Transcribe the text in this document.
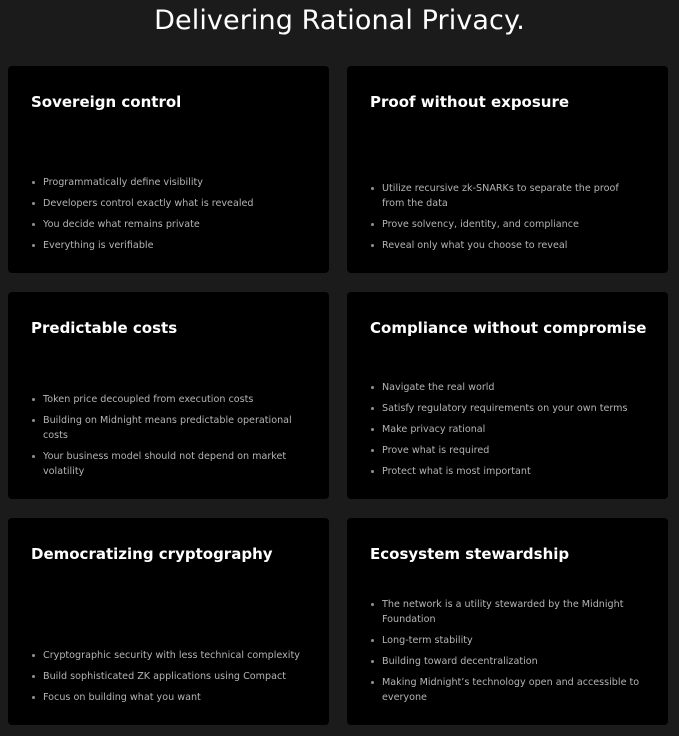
Delivering Rational Privacy.
Sovereign control
Programmatically define visibility
Developers control exactly what is revealed
You decide what remains private
Everything is verifiable
Proof without exposure
Utilize recursive zk-SNARKs to separate the proof from the data
Prove solvency, identity, and compliance
Reveal only what you choose to reveal
Predictable costs
Token price decoupled from execution costs
Building on Midnight means predictable operational costs
Your business model should not depend on market volatility
Compliance without compromise
Navigate the real world
Satisfy regulatory requirements on your own terms
Make privacy rational
Prove what is required
Protect what is most important
Democratizing cryptography
Cryptographic security with less technical complexity
Build sophisticated ZK applications using Compact
Focus on building what you want
Ecosystem stewardship
The network is a utility stewarded by the Midnight Foundation
Long-term stability
Building toward decentralization
Making Midnight’s technology open and accessible to everyone
